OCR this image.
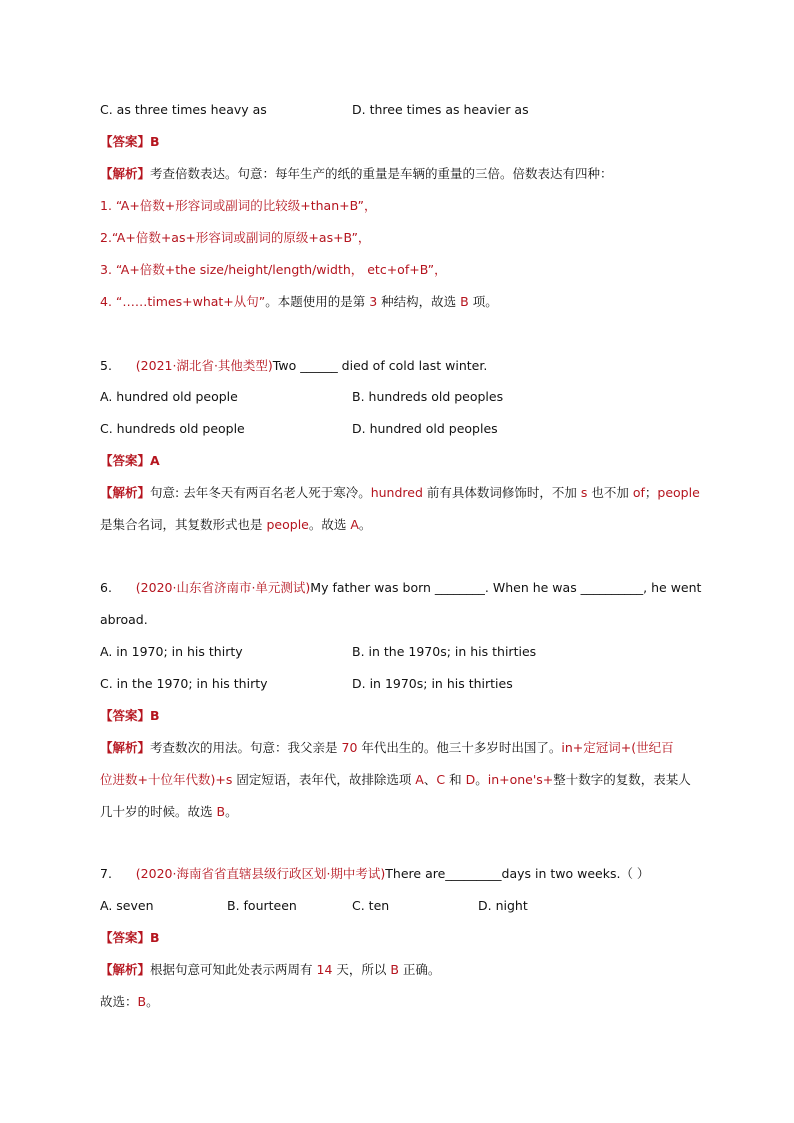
C. as three times heavy as	D. three times as heavier as
【答案】B
【解析】考查倍数表达。句意：每年生产的纸的重量是车辆的重量的三倍。倍数表达有四种：
1. “A+倍数+形容词或副词的比较级+than+B”，
2.“A+倍数+as+形容词或副词的原级+as+B”，
3. “A+倍数+the size/height/length/width， etc+of+B”，
4. “……times+what+从句”。本题使用的是第 3 种结构，故选 B 项。
5. (2021·湖北省·其他类型)Two ______ died of cold last winter.
A. hundred old people	B. hundreds old peoples
C. hundreds old people	D. hundred old peoples
【答案】A
【解析】句意: 去年冬天有两百名老人死于寒冷。hundred 前有具体数词修饰时，不加 s 也不加 of；people
是集合名词，其复数形式也是 people。故选 A。
6. (2020·山东省济南市·单元测试)My father was born ________. When he was __________, he went
abroad.
A. in 1970; in his thirty	B. in the 1970s; in his thirties
C. in the 1970; in his thirty	D. in 1970s; in his thirties
【答案】B
【解析】考查数次的用法。句意：我父亲是 70 年代出生的。他三十多岁时出国了。in+定冠词+(世纪百
位进数+十位年代数)+s 固定短语，表年代，故排除选项 A、C 和 D。in+one's+整十数字的复数，表某人
几十岁的时候。故选 B。
7. (2020·海南省省直辖县级行政区划·期中考试)There are_________days in two weeks.（ ）
A. seven	B. fourteen	C. ten	D. night
【答案】B
【解析】根据句意可知此处表示两周有 14 天，所以 B 正确。
故选：B。
